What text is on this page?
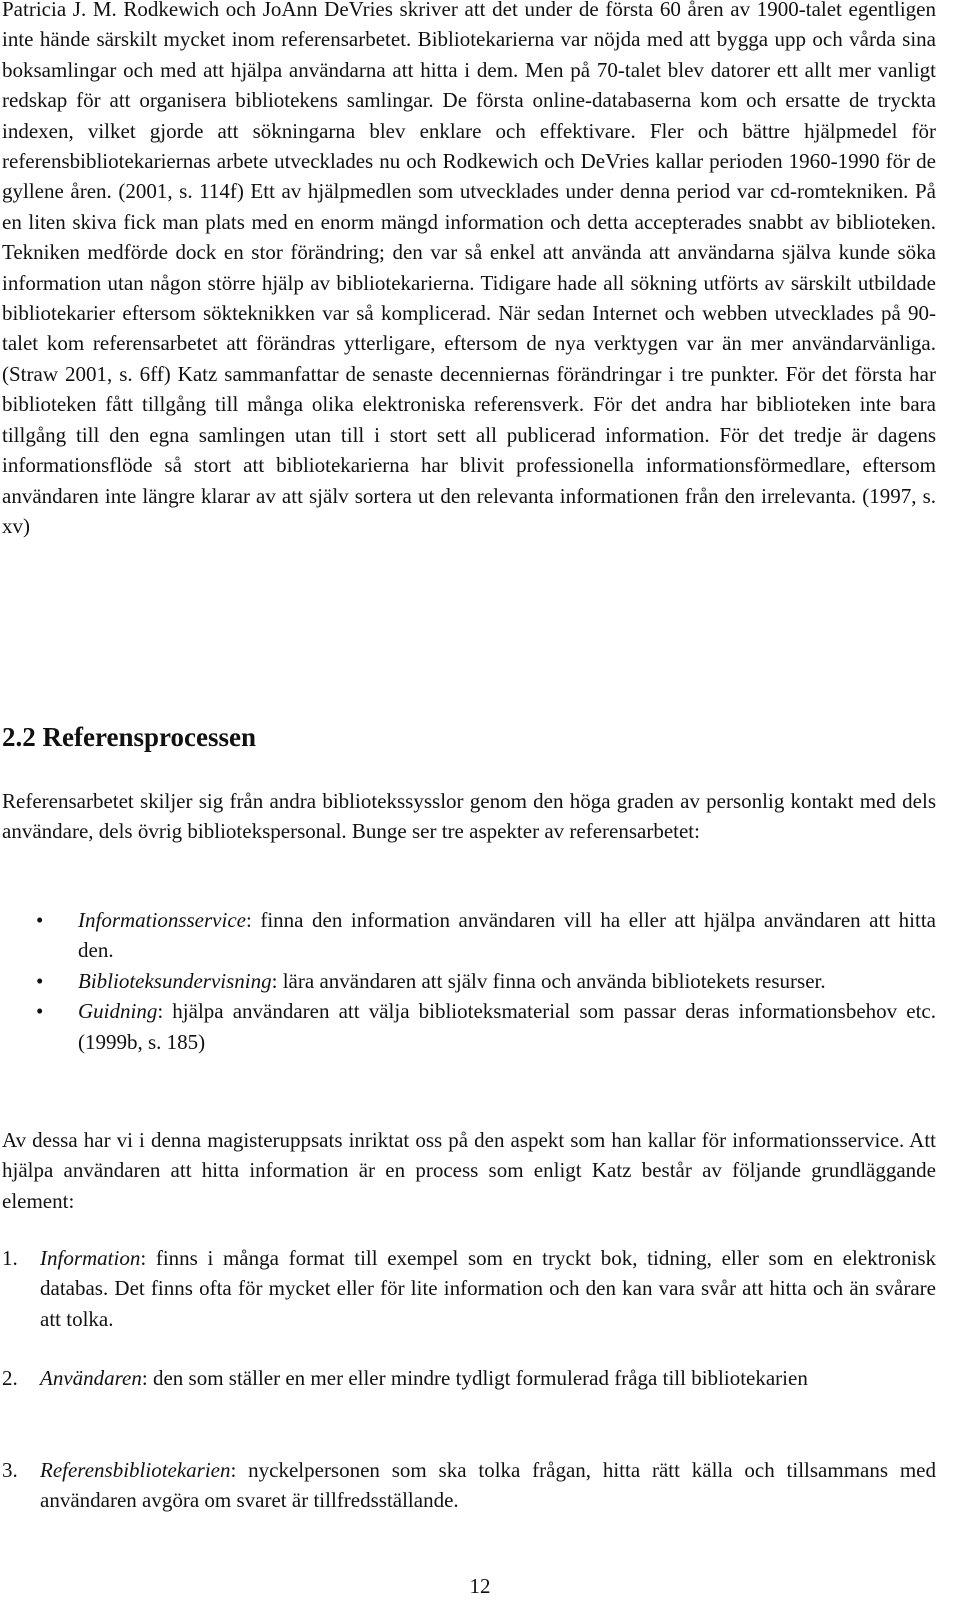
Patricia J. M. Rodkewich och JoAnn DeVries skriver att det under de första 60 åren av 1900-talet egentligen inte hände särskilt mycket inom referensarbetet. Bibliotekarierna var nöjda med att bygga upp och vårda sina boksamlingar och med att hjälpa användarna att hitta i dem. Men på 70-talet blev datorer ett allt mer vanligt redskap för att organisera bibliotekens samlingar. De första online-databaserna kom och ersatte de tryckta indexen, vilket gjorde att sökningarna blev enklare och effektivare. Fler och bättre hjälpmedel för referensbibliotekariernas arbete utvecklades nu och Rodkewich och DeVries kallar perioden 1960-1990 för de gyllene åren. (2001, s. 114f) Ett av hjälpmedlen som utvecklades under denna period var cd-romtekniken. På en liten skiva fick man plats med en enorm mängd information och detta accepterades snabbt av biblioteken. Tekniken medförde dock en stor förändring; den var så enkel att använda att användarna själva kunde söka information utan någon större hjälp av bibliotekarierna. Tidigare hade all sökning utförts av särskilt utbildade bibliotekarier eftersom sökteknikken var så komplicerad. När sedan Internet och webben utvecklades på 90-talet kom referensarbetet att förändras ytterligare, eftersom de nya verktygen var än mer användarvänliga. (Straw 2001, s. 6ff) Katz sammanfattar de senaste decenniernas förändringar i tre punkter. För det första har biblioteken fått tillgång till många olika elektroniska referensverk. För det andra har biblioteken inte bara tillgång till den egna samlingen utan till i stort sett all publicerad information. För det tredje är dagens informationsflöde så stort att bibliotekarierna har blivit professionella informationsförmedlare, eftersom användaren inte längre klarar av att själv sortera ut den relevanta informationen från den irrelevanta. (1997, s. xv)

2.2 Referensprocessen

Referensarbetet skiljer sig från andra bibliotekssysslor genom den höga graden av personlig kontakt med dels användare, dels övrig bibliotekspersonal. Bunge ser tre aspekter av referensarbetet:

• Informationsservice: finna den information användaren vill ha eller att hjälpa användaren att hitta den.
• Biblioteksundervisning: lära användaren att själv finna och använda bibliotekets resurser.
• Guidning: hjälpa användaren att välja biblioteksmaterial som passar deras informationsbehov etc. (1999b, s. 185)

Av dessa har vi i denna magisteruppsats inriktat oss på den aspekt som han kallar för informationsservice. Att hjälpa användaren att hitta information är en process som enligt Katz består av följande grundläggande element:

1. Information: finns i många format till exempel som en tryckt bok, tidning, eller som en elektronisk databas. Det finns ofta för mycket eller för lite information och den kan vara svår att hitta och än svårare att tolka.
2. Användaren: den som ställer en mer eller mindre tydligt formulerad fråga till bibliotekarien
3. Referensbibliotekarien: nyckelpersonen som ska tolka frågan, hitta rätt källa och tillsammans med användaren avgöra om svaret är tillfredsställande.
12
